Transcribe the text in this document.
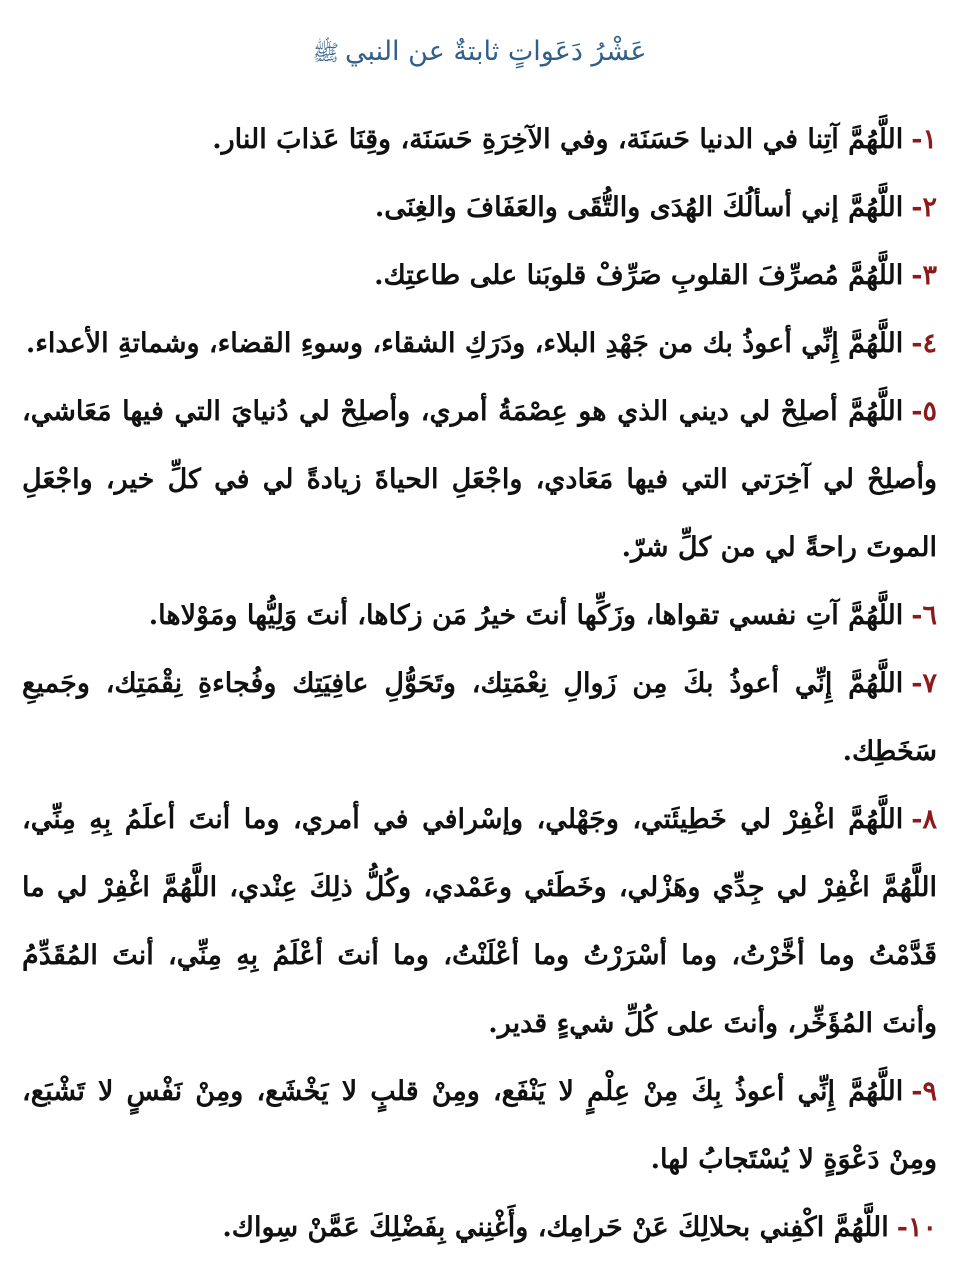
عَشْرُ دَعَواتٍ ثابتةٌ عن النبيﷺ
١-اللَّهُمَّ آتِنا في الدنيا حَسَنَة، وفي الآخِرَةِ حَسَنَة، وقِنَا عَذابَ النار.
٢-اللَّهُمَّ إني أسألُكَ الهُدَى والتُّقَى والعَفَافَ والغِنَى.
٣-اللَّهُمَّ مُصرِّفَ القلوبِ صَرِّفْ قلوبَنا على طاعتِك.
٤-اللَّهُمَّ إِنِّي أعوذُ بك من جَهْدِ البلاء، ودَرَكِ الشقاء، وسوءِ القضاء، وشماتةِ الأعداء.
٥-اللَّهُمَّ أصلِحْ لي ديني الذي هو عِصْمَةُ أمري، وأصلِحْ لي دُنيايَ التي فيها مَعَاشي، وأصلِحْ لي آخِرَتي التي فيها مَعَادي، واجْعَلِ الحياةَ زيادةً لي في كلِّ خير، واجْعَلِ الموتَ راحةً لي من كلِّ شرّ.
٦-اللَّهُمَّ آتِ نفسي تقواها، وزَكِّها أنتَ خيرُ مَن زكاها، أنتَ وَلِيُّها ومَوْلاها.
٧-اللَّهُمَّ إِنِّي أعوذُ بكَ مِن زَوالِ نِعْمَتِك، وتَحَوُّلِ عافِيَتِك وفُجاءةِ نِقْمَتِك، وجَميعِ سَخَطِك.
٨-اللَّهُمَّ اغْفِرْ لي خَطِيئَتي، وجَهْلي، وإسْرافي في أمري، وما أنتَ أعلَمُ بِهِ مِنِّي، اللَّهُمَّ اغْفِرْ لي جِدِّي وهَزْلي، وخَطَئي وعَمْدي، وكُلُّ ذلِكَ عِنْدي، اللَّهُمَّ اغْفِرْ لي ما قَدَّمْتُ وما أخَّرْتُ، وما أسْرَرْتُ وما أعْلَنْتُ، وما أنتَ أعْلَمُ بِهِ مِنِّي، أنتَ المُقَدِّمُ وأنتَ المُؤَخِّر، وأنتَ على كُلِّ شيءٍ قدير.
٩-اللَّهُمَّ إِنِّي أعوذُ بِكَ مِنْ عِلْمٍ لا يَنْفَع، ومِنْ قلبٍ لا يَخْشَع، ومِنْ نَفْسٍ لا تَشْبَع، ومِنْ دَعْوَةٍ لا يُسْتَجابُ لها.
١٠-اللَّهُمَّ اكْفِني بحلالِكَ عَنْ حَرامِك، وأَغْنِني بِفَضْلِكَ عَمَّنْ سِواك.
